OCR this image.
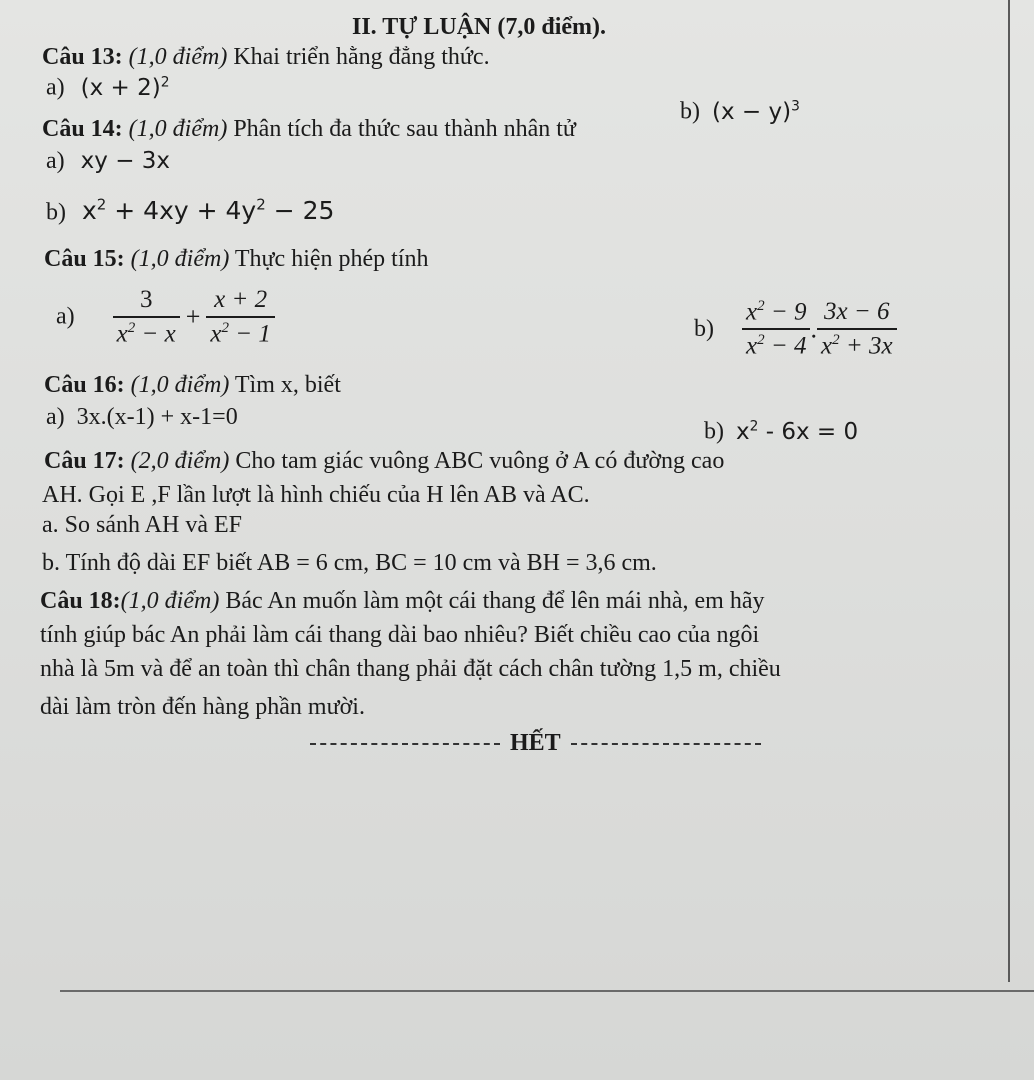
II. TỰ LUẬN (7,0 điểm).
Câu 13: (1,0 điểm) Khai triển hằng đẳng thức.
a) $(x + 2)^2$
b) $(x - y)^3$
Câu 14: (1,0 điểm) Phân tích đa thức sau thành nhân tử
a) xy − 3x
b) $x^2 + 4xy + 4y^2 - 25$
Câu 15: (1,0 điểm) Thực hiện phép tính
$a) \frac{3}{x^2 - x} + \frac{x + 2}{x^2 - 1}$	$b) \frac{x^2 - 9}{x^2 - 4}$ . $\frac{3x - 6}{x^2 + 3x}$
Câu 16: (1,0 điểm) Tìm x, biết
a) 3x.(x-1) + x-1=0
b) $x^2 - 6x = 0$
Câu 17: (2,0 điểm) Cho tam giác vuông ABC vuông ở A có đường cao
AH. Gọi E ,F lần lượt là hình chiếu của H lên AB và AC.
a. So sánh AH và EF
b. Tính độ dài EF biết AB = 6 cm, BC = 10 cm và BH = 3,6 cm.
Câu 18:(1,0 điểm) Bác An muốn làm một cái thang để lên mái nhà, em hãy
tính giúp bác An phải làm cái thang dài bao nhiêu? Biết chiều cao của ngôi
nhà là 5m và để an toàn thì chân thang phải đặt cách chân tường 1,5 m, chiều
dài làm tròn đến hàng phần mười.
HẾT
